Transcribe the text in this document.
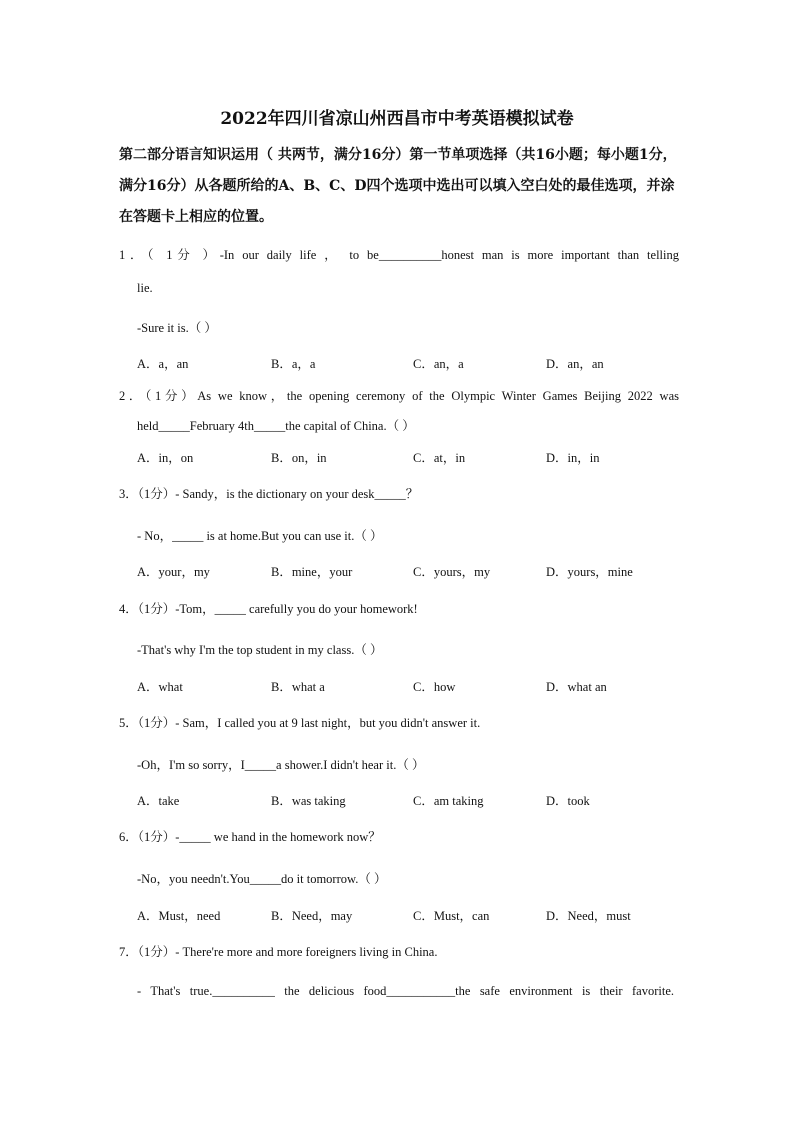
2022年四川省凉山州西昌市中考英语模拟试卷
第二部分语言知识运用（ 共两节，满分16分）第一节单项选择（共16小题；每小题1分，满分16分）从各题所给的A、B、C、D四个选项中选出可以填入空白处的最佳选项，并涂在答题卡上相应的位置。
1．（ 1分 ）-In our daily life ， to be__________honest man is more important than telling
lie.
-Sure it is.（ ）
A．a，an	B．a，a	C．an，a	D．an，an
2．（1分）As we know，the opening ceremony of the Olympic Winter Games Beijing 2022 was
held_____February 4th_____the capital of China.（ ）
A．in，on	B．on，in	C．at，in	D．in，in
3．（1分）- Sandy，is the dictionary on your desk_____？
- No，_____ is at home.But you can use it.（ ）
A．your，my	B．mine，your	C．yours，my	D．yours，mine
4．（1分）-Tom，_____ carefully you do your homework!
-That's why I'm the top student in my class.（ ）
A．what	B．what a	C．how	D．what an
5．（1分）- Sam，I called you at 9 last night，but you didn't answer it.
-Oh，I'm so sorry，I_____a shower.I didn't hear it.（ ）
A．take	B．was taking	C．am taking	D．took
6．（1分）-_____ we hand in the homework now？
-No，you needn't.You_____do it tomorrow.（ ）
A．Must，need	B．Need，may	C．Must，can	D．Need，must
7．（1分）- There're more and more foreigners living in China.
- That's true.__________ the delicious food___________the safe environment is their favorite.
